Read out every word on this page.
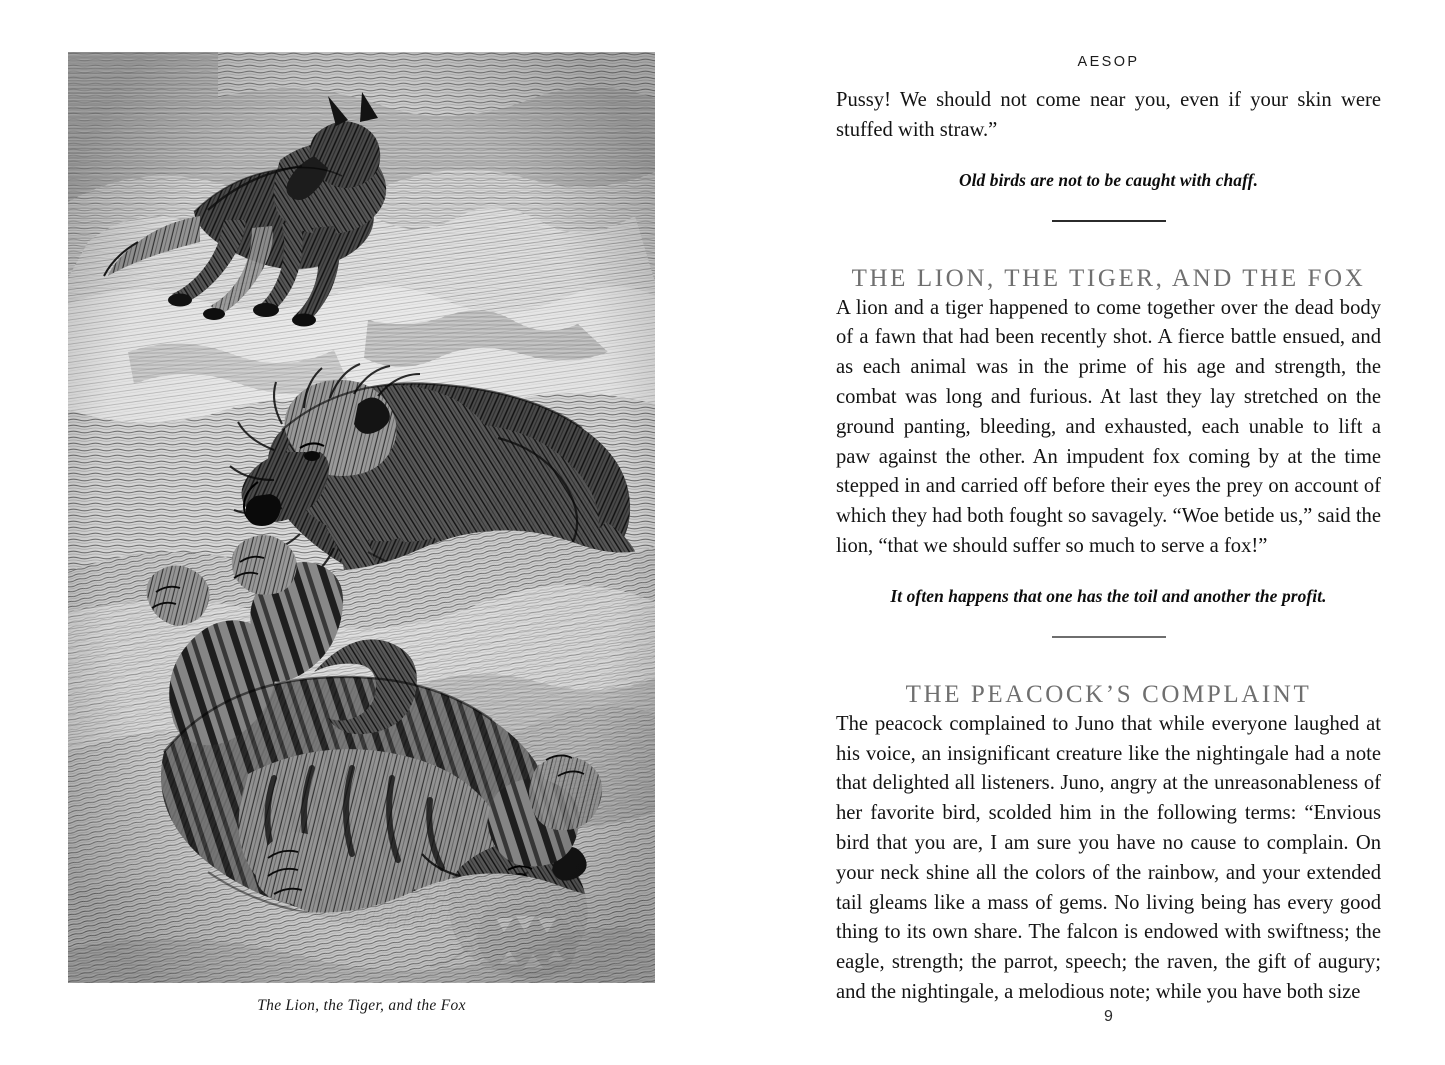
The Lion, the Tiger, and the Fox
AESOP

Pussy! We should not come near you, even if your skin were stuffed with straw.”

Old birds are not to be caught with chaff.

THE LION, THE TIGER, AND THE FOX

A lion and a tiger happened to come together over the dead body of a fawn that had been recently shot. A fierce battle ensued, and as each animal was in the prime of his age and strength, the combat was long and furious. At last they lay stretched on the ground panting, bleeding, and exhausted, each unable to lift a paw against the other. An impudent fox coming by at the time stepped in and carried off before their eyes the prey on account of which they had both fought so savagely. “Woe betide us,” said the lion, “that we should suffer so much to serve a fox!”

It often happens that one has the toil and another the profit.

THE PEACOCK’S COMPLAINT

The peacock complained to Juno that while everyone laughed at his voice, an insignificant creature like the nightingale had a note that delighted all listeners. Juno, angry at the unreasonableness of her favorite bird, scolded him in the following terms: “Envious bird that you are, I am sure you have no cause to complain. On your neck shine all the colors of the rainbow, and your extended tail gleams like a mass of gems. No living being has every good thing to its own share. The falcon is endowed with swiftness; the eagle, strength; the parrot, speech; the raven, the gift of augury; and the nightingale, a melodious note; while you have both size

9
